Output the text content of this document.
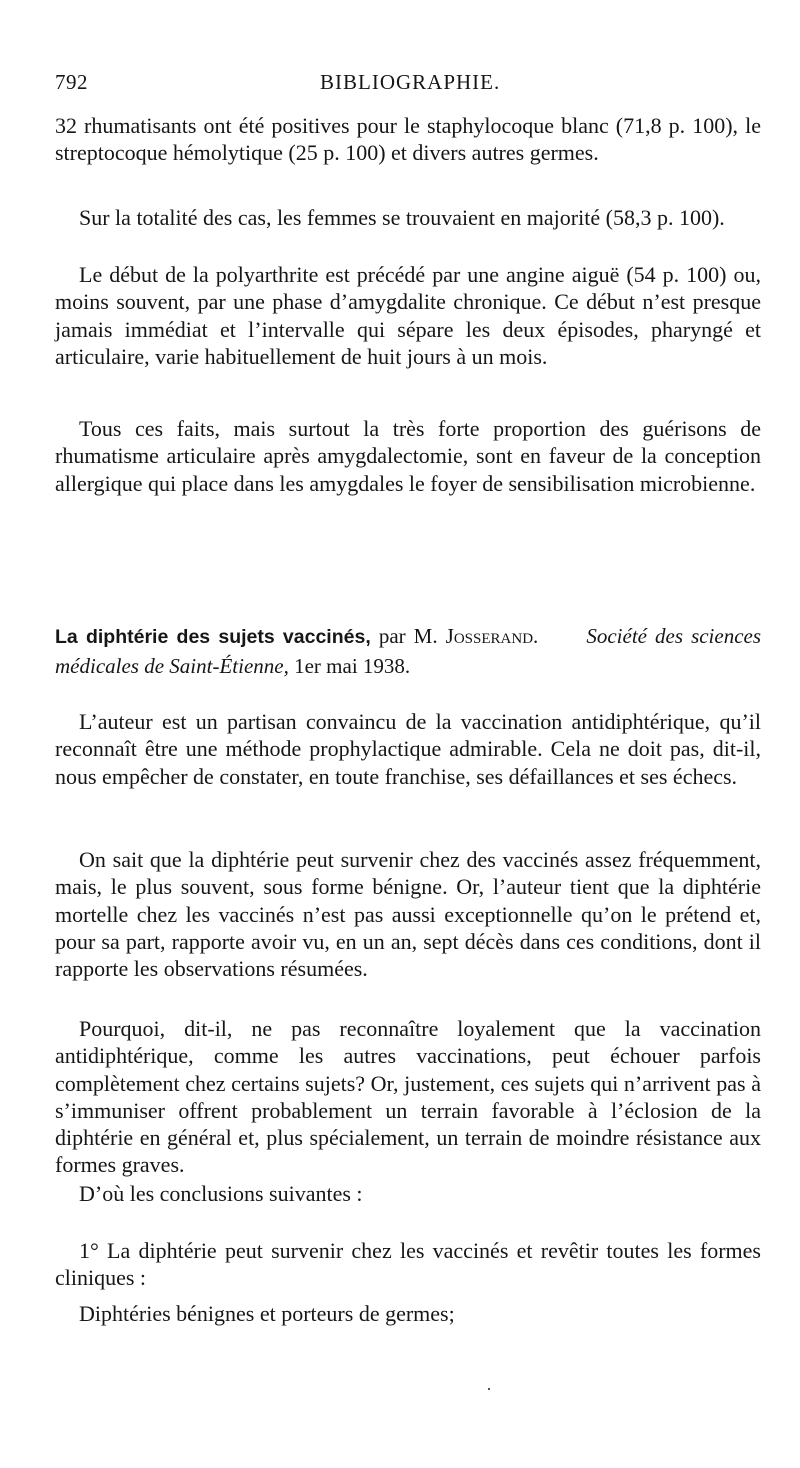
792	BIBLIOGRAPHIE.

32 rhumatisants ont été positives pour le staphylocoque blanc (71,8 p. 100), le streptocoque hémolytique (25 p. 100) et divers autres germes.

Sur la totalité des cas, les femmes se trouvaient en majorité (58,3 p. 100).

Le début de la polyarthrite est précédé par une angine aiguë (54 p. 100) ou, moins souvent, par une phase d’amygdalite chronique. Ce début n’est presque jamais immédiat et l’intervalle qui sépare les deux épisodes, pharyngé et articulaire, varie habituellement de huit jours à un mois.

Tous ces faits, mais surtout la très forte proportion des guérisons de rhumatisme articulaire après amygdalectomie, sont en faveur de la conception allergique qui place dans les amygdales le foyer de sensibilisation microbienne.

La diphtérie des sujets vaccinés, par M. Josserand. Société des sciences médicales de Saint-Étienne, 1er mai 1938.

L’auteur est un partisan convaincu de la vaccination antidiphtérique, qu’il reconnaît être une méthode prophylactique admirable. Cela ne doit pas, dit-il, nous empêcher de constater, en toute franchise, ses défaillances et ses échecs.

On sait que la diphtérie peut survenir chez des vaccinés assez fréquemment, mais, le plus souvent, sous forme bénigne. Or, l’auteur tient que la diphtérie mortelle chez les vaccinés n’est pas aussi exceptionnelle qu’on le prétend et, pour sa part, rapporte avoir vu, en un an, sept décès dans ces conditions, dont il rapporte les observations résumées.

Pourquoi, dit-il, ne pas reconnaître loyalement que la vaccination antidiphtérique, comme les autres vaccinations, peut échouer parfois complètement chez certains sujets? Or, justement, ces sujets qui n’arrivent pas à s’immuniser offrent probablement un terrain favorable à l’éclosion de la diphtérie en général et, plus spécialement, un terrain de moindre résistance aux formes graves.

D’où les conclusions suivantes :

1° La diphtérie peut survenir chez les vaccinés et revêtir toutes les formes cliniques :

Diphtéries bénignes et porteurs de germes;
